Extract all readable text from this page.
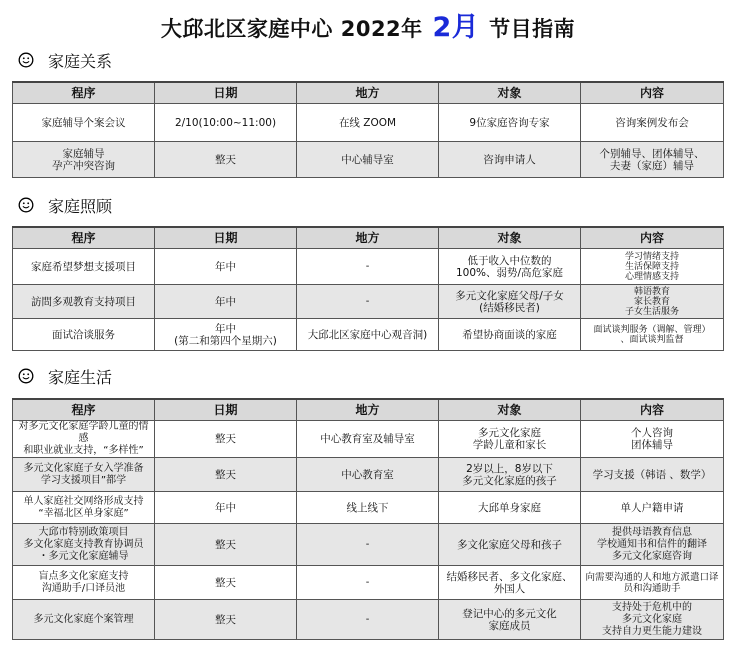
大邱北区家庭中心 2022年 2月 节目指南
家庭关系
程序	日期	地方	对象	内容

家庭辅导个案会议	2/10(10:00~11:00)	在线 ZOOM	9位家庭咨询专家	咨询案例发布会

家庭辅导
孕产冲突咨询	整天	中心辅导室	咨询申请人	个别辅导、团体辅导、
夫妻（家庭）辅导
家庭照顾
程序	日期	地方	对象	内容

家庭希望梦想支援项目	年中	-	低于收入中位数的
100%、弱势/高危家庭	学习情绪支持
生活保障支持
心理情感支持

訪問多观教育支持项目	年中	-	多元文化家庭父母/子女
(结婚移民者)	韩语教育
家长教育
子女生活服务

面试洽谈服务	年中
(第二和第四个星期六)	大邱北区家庭中心观音洞)	希望协商面谈的家庭	面试谈判服务（调解、管理）
、面试谈判监督
家庭生活
程序	日期	地方	对象	内容

对多元文化家庭学龄儿童的情感
和职业就业支持，“多样性”	整天	中心教育室及辅导室	多元文化家庭
学龄儿童和家长	个人咨询
团体辅导

多元文化家庭子女入学准备
学习支援项目”都学	整天	中心教育室	2岁以上，8岁以下
多元文化家庭的孩子	学习支援（韩语 、数学）

单人家庭社交网络形成支持
“幸福北区单身家庭”	年中	线上线下	大邱单身家庭	单人户籍申请

大邱市特别政策项目
多文化家庭支持教育协调员
・多元文化家庭辅导	整天	-	多文化家庭父母和孩子	提供母语教育信息
学校通知书和信件的翻译
多元文化家庭咨询

盲点多文化家庭支持
沟通助手/口译员池	整天	-	结婚移民者、多文化家庭、
外国人	向需要沟通的人和地方派遣口译
员和沟通助手

多元文化家庭个案管理	整天	-	登记中心的多元文化
家庭成员	支持处于危机中的
多元文化家庭
支持自力更生能力建设
